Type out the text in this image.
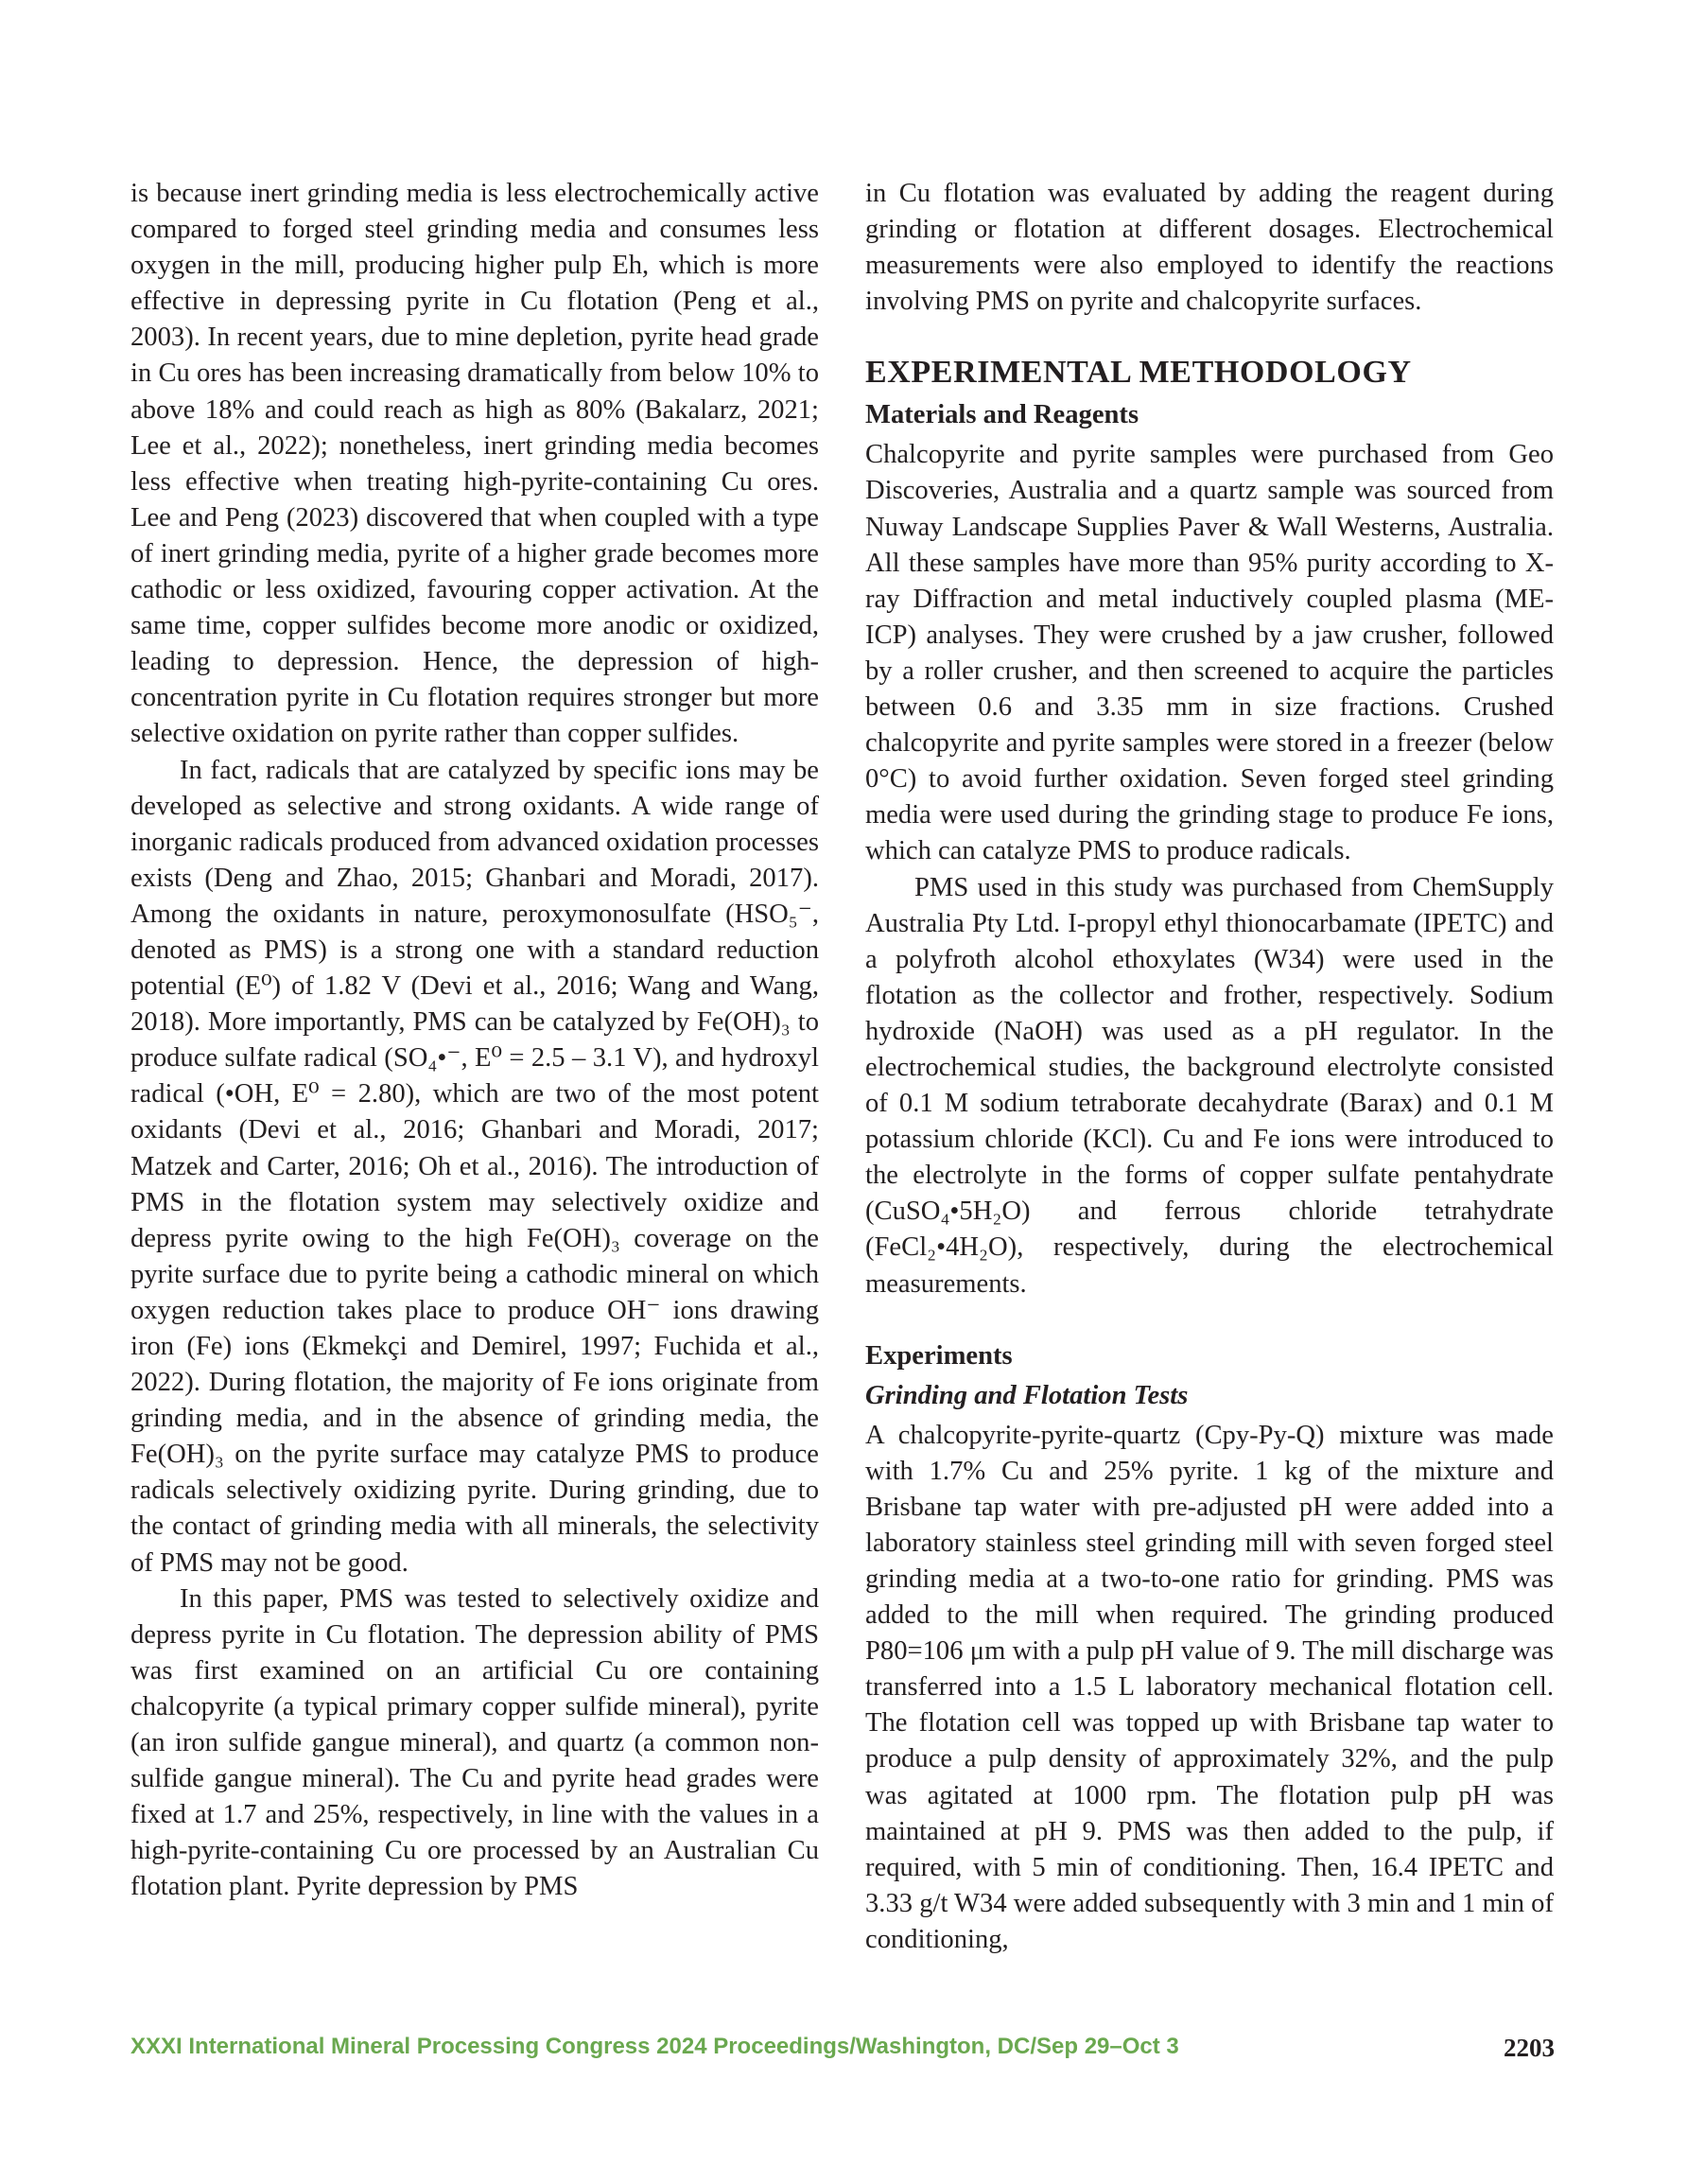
is because inert grinding media is less electrochemically active compared to forged steel grinding media and consumes less oxygen in the mill, producing higher pulp Eh, which is more effective in depressing pyrite in Cu flotation (Peng et al., 2003). In recent years, due to mine depletion, pyrite head grade in Cu ores has been increasing dramatically from below 10% to above 18% and could reach as high as 80% (Bakalarz, 2021; Lee et al., 2022); nonetheless, inert grinding media becomes less effective when treating high-pyrite-containing Cu ores. Lee and Peng (2023) discovered that when coupled with a type of inert grinding media, pyrite of a higher grade becomes more cathodic or less oxidized, favouring copper activation. At the same time, copper sulfides become more anodic or oxidized, leading to depression. Hence, the depression of high-concentration pyrite in Cu flotation requires stronger but more selective oxidation on pyrite rather than copper sulfides.

In fact, radicals that are catalyzed by specific ions may be developed as selective and strong oxidants. A wide range of inorganic radicals produced from advanced oxidation processes exists (Deng and Zhao, 2015; Ghanbari and Moradi, 2017). Among the oxidants in nature, peroxymonosulfate (HSO₅⁻, denoted as PMS) is a strong one with a standard reduction potential (E⁰) of 1.82 V (Devi et al., 2016; Wang and Wang, 2018). More importantly, PMS can be catalyzed by Fe(OH)₃ to produce sulfate radical (SO₄•⁻, E⁰ = 2.5 – 3.1 V), and hydroxyl radical (•OH, E⁰ = 2.80), which are two of the most potent oxidants (Devi et al., 2016; Ghanbari and Moradi, 2017; Matzek and Carter, 2016; Oh et al., 2016). The introduction of PMS in the flotation system may selectively oxidize and depress pyrite owing to the high Fe(OH)₃ coverage on the pyrite surface due to pyrite being a cathodic mineral on which oxygen reduction takes place to produce OH⁻ ions drawing iron (Fe) ions (Ekmekçi and Demirel, 1997; Fuchida et al., 2022). During flotation, the majority of Fe ions originate from grinding media, and in the absence of grinding media, the Fe(OH)₃ on the pyrite surface may catalyze PMS to produce radicals selectively oxidizing pyrite. During grinding, due to the contact of grinding media with all minerals, the selectivity of PMS may not be good.

In this paper, PMS was tested to selectively oxidize and depress pyrite in Cu flotation. The depression ability of PMS was first examined on an artificial Cu ore containing chalcopyrite (a typical primary copper sulfide mineral), pyrite (an iron sulfide gangue mineral), and quartz (a common non-sulfide gangue mineral). The Cu and pyrite head grades were fixed at 1.7 and 25%, respectively, in line with the values in a high-pyrite-containing Cu ore processed by an Australian Cu flotation plant. Pyrite depression by PMS

in Cu flotation was evaluated by adding the reagent during grinding or flotation at different dosages. Electrochemical measurements were also employed to identify the reactions involving PMS on pyrite and chalcopyrite surfaces.

EXPERIMENTAL METHODOLOGY
Materials and Reagents

Chalcopyrite and pyrite samples were purchased from Geo Discoveries, Australia and a quartz sample was sourced from Nuway Landscape Supplies Paver & Wall Westerns, Australia. All these samples have more than 95% purity according to X-ray Diffraction and metal inductively coupled plasma (ME-ICP) analyses. They were crushed by a jaw crusher, followed by a roller crusher, and then screened to acquire the particles between 0.6 and 3.35 mm in size fractions. Crushed chalcopyrite and pyrite samples were stored in a freezer (below 0°C) to avoid further oxidation. Seven forged steel grinding media were used during the grinding stage to produce Fe ions, which can catalyze PMS to produce radicals.

PMS used in this study was purchased from ChemSupply Australia Pty Ltd. I-propyl ethyl thionocarbamate (IPETC) and a polyfroth alcohol ethoxylates (W34) were used in the flotation as the collector and frother, respectively. Sodium hydroxide (NaOH) was used as a pH regulator. In the electrochemical studies, the background electrolyte consisted of 0.1 M sodium tetraborate decahydrate (Barax) and 0.1 M potassium chloride (KCl). Cu and Fe ions were introduced to the electrolyte in the forms of copper sulfate pentahydrate (CuSO₄•5H₂O) and ferrous chloride tetrahydrate (FeCl₂•4H₂O), respectively, during the electrochemical measurements.

Experiments
Grinding and Flotation Tests

A chalcopyrite-pyrite-quartz (Cpy-Py-Q) mixture was made with 1.7% Cu and 25% pyrite. 1 kg of the mixture and Brisbane tap water with pre-adjusted pH were added into a laboratory stainless steel grinding mill with seven forged steel grinding media at a two-to-one ratio for grinding. PMS was added to the mill when required. The grinding produced P80=106 μm with a pulp pH value of 9. The mill discharge was transferred into a 1.5 L laboratory mechanical flotation cell. The flotation cell was topped up with Brisbane tap water to produce a pulp density of approximately 32%, and the pulp was agitated at 1000 rpm. The flotation pulp pH was maintained at pH 9. PMS was then added to the pulp, if required, with 5 min of conditioning. Then, 16.4 IPETC and 3.33 g/t W34 were added subsequently with 3 min and 1 min of conditioning,

XXXI International Mineral Processing Congress 2024 Proceedings/Washington, DC/Sep 29–Oct 3	2203
